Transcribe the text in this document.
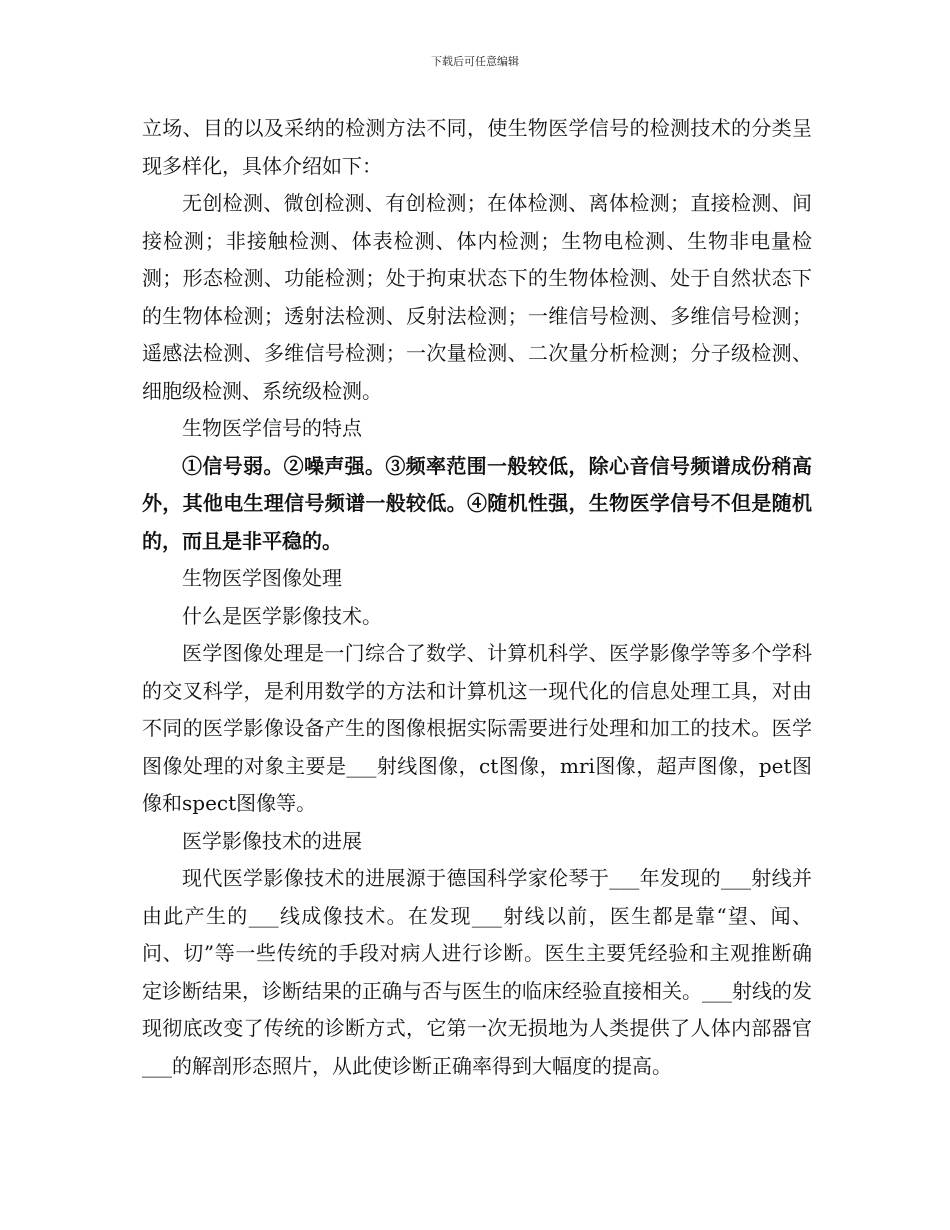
下载后可任意编辑

立场、目的以及采纳的检测方法不同，使生物医学信号的检测技术的分类呈现多样化，具体介绍如下：

无创检测、微创检测、有创检测；在体检测、离体检测；直接检测、间接检测；非接触检测、体表检测、体内检测；生物电检测、生物非电量检测；形态检测、功能检测；处于拘束状态下的生物体检测、处于自然状态下的生物体检测；透射法检测、反射法检测；一维信号检测、多维信号检测；遥感法检测、多维信号检测；一次量检测、二次量分析检测；分子级检测、细胞级检测、系统级检测。

生物医学信号的特点

①信号弱。②噪声强。③频率范围一般较低，除心音信号频谱成份稍高外，其他电生理信号频谱一般较低。④随机性强，生物医学信号不但是随机的，而且是非平稳的。

生物医学图像处理

什么是医学影像技术。

医学图像处理是一门综合了数学、计算机科学、医学影像学等多个学科的交叉科学，是利用数学的方法和计算机这一现代化的信息处理工具，对由不同的医学影像设备产生的图像根据实际需要进行处理和加工的技术。医学图像处理的对象主要是___射线图像，ct图像，mri图像，超声图像，pet图像和spect图像等。

医学影像技术的进展

现代医学影像技术的进展源于德国科学家伦琴于___年发现的___射线并由此产生的___线成像技术。在发现___射线以前，医生都是靠“望、闻、问、切”等一些传统的手段对病人进行诊断。医生主要凭经验和主观推断确定诊断结果，诊断结果的正确与否与医生的临床经验直接相关。___射线的发现彻底改变了传统的诊断方式，它第一次无损地为人类提供了人体内部器官___的解剖形态照片，从此使诊断正确率得到大幅度的提高。
